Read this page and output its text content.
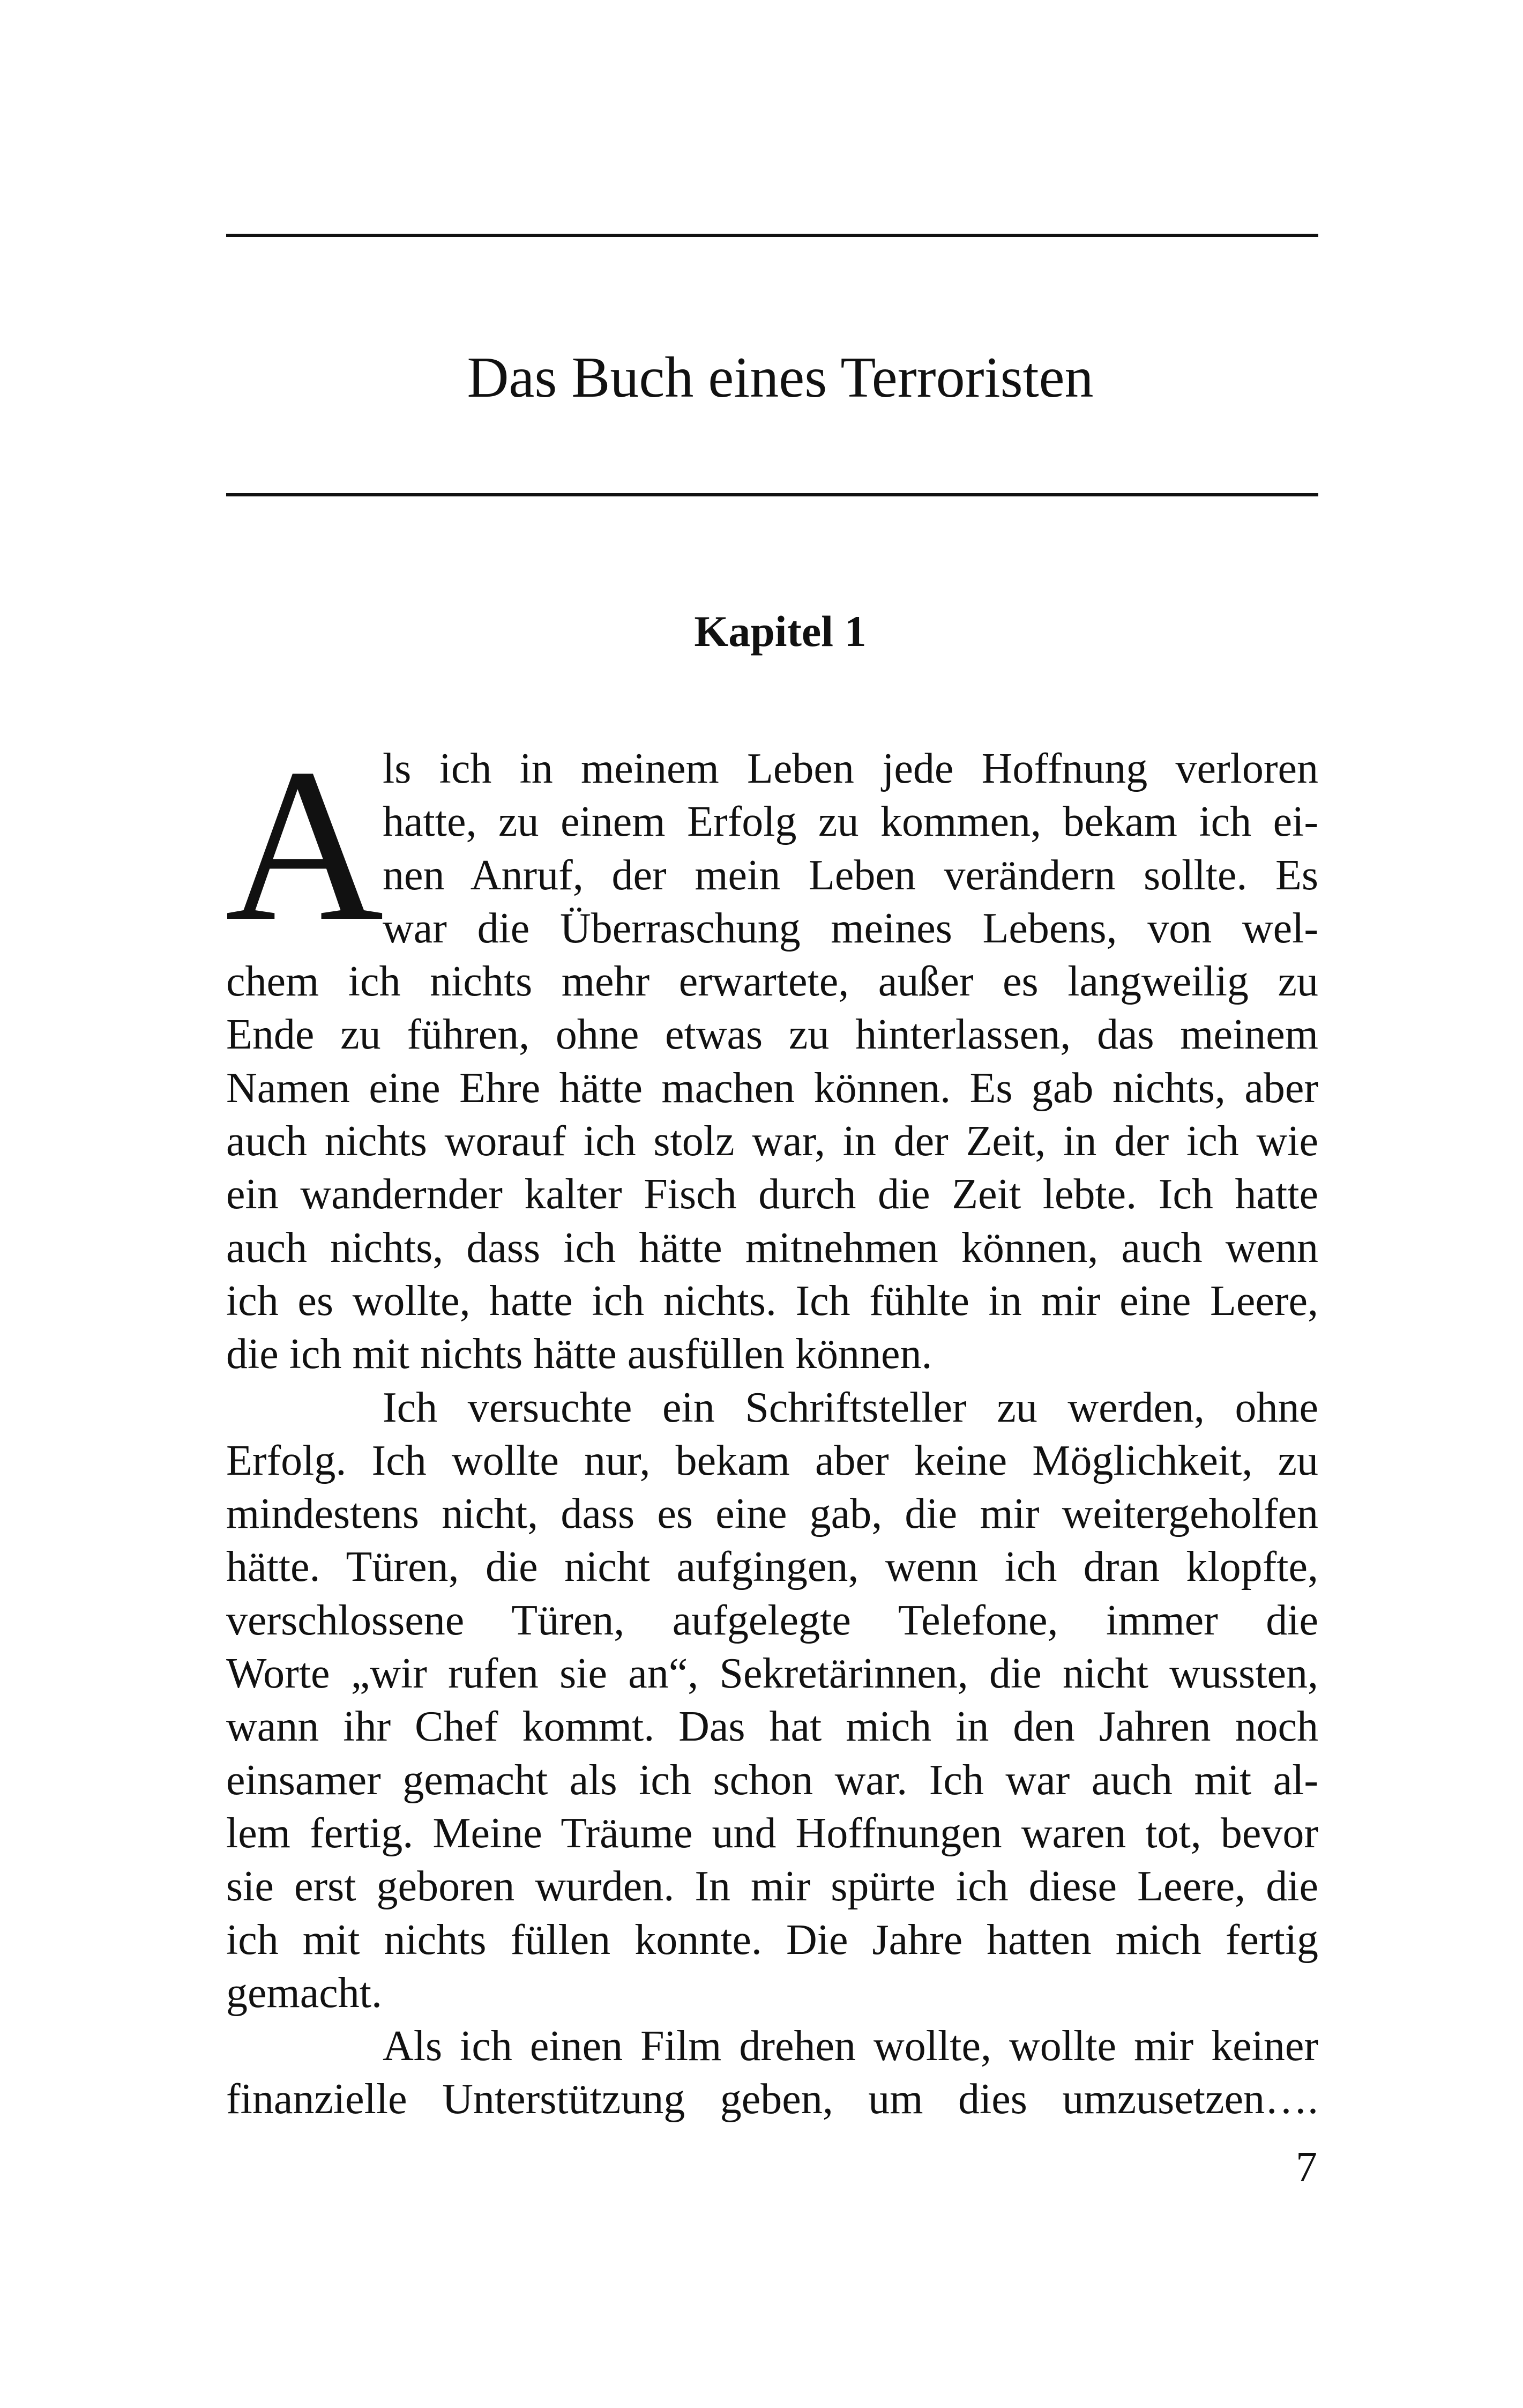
Das Buch eines Terroristen
Kapitel 1
A
ls ich in meinem Leben jede Hoffnung verloren
hatte, zu einem Erfolg zu kommen, bekam ich ei-
nen Anruf, der mein Leben verändern sollte. Es
war die Überraschung meines Lebens, von wel-
chem ich nichts mehr erwartete, außer es langweilig zu
Ende zu führen, ohne etwas zu hinterlassen, das meinem
Namen eine Ehre hätte machen können. Es gab nichts, aber
auch nichts worauf ich stolz war, in der Zeit, in der ich wie
ein wandernder kalter Fisch durch die Zeit lebte. Ich hatte
auch nichts, dass ich hätte mitnehmen können, auch wenn
ich es wollte, hatte ich nichts. Ich fühlte in mir eine Leere,
die ich mit nichts hätte ausfüllen können.
Ich versuchte ein Schriftsteller zu werden, ohne
Erfolg. Ich wollte nur, bekam aber keine Möglichkeit, zu
mindestens nicht, dass es eine gab, die mir weitergeholfen
hätte. Türen, die nicht aufgingen, wenn ich dran klopfte,
verschlossene Türen, aufgelegte Telefone, immer die
Worte „wir rufen sie an“, Sekretärinnen, die nicht wussten,
wann ihr Chef kommt. Das hat mich in den Jahren noch
einsamer gemacht als ich schon war. Ich war auch mit al-
lem fertig. Meine Träume und Hoffnungen waren tot, bevor
sie erst geboren wurden. In mir spürte ich diese Leere, die
ich mit nichts füllen konnte. Die Jahre hatten mich fertig
gemacht.
Als ich einen Film drehen wollte, wollte mir keiner
finanzielle Unterstützung geben, um dies umzusetzen….
7
